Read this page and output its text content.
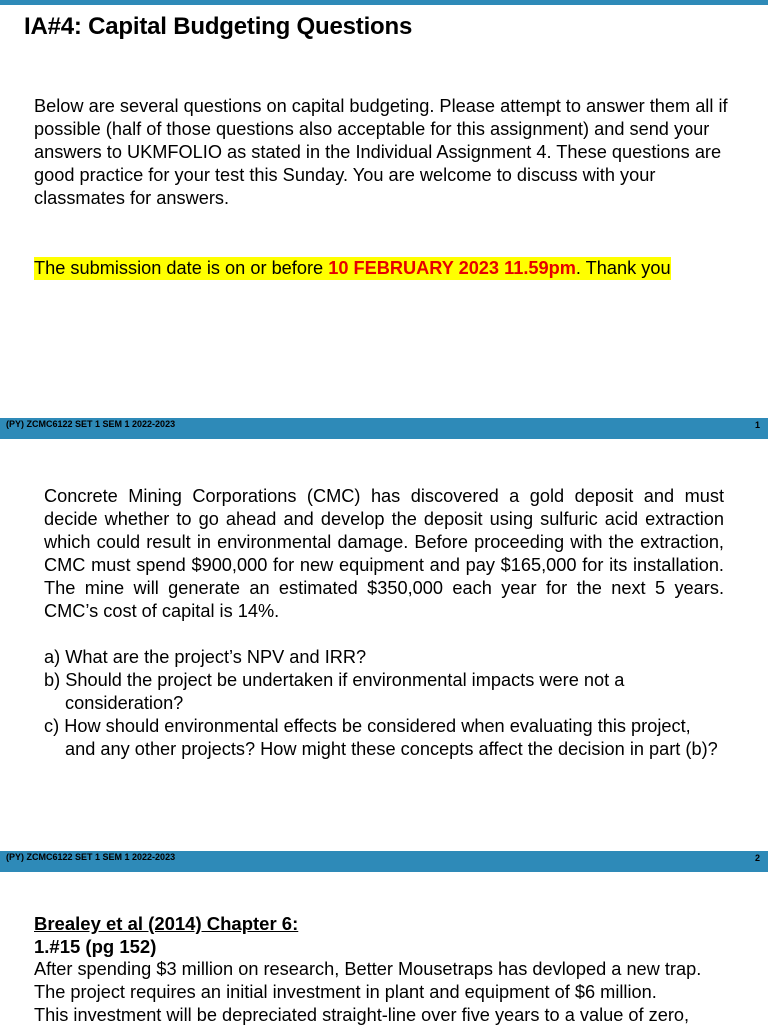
IA#4: Capital Budgeting Questions

Below are several questions on capital budgeting. Please attempt to answer them all if possible (half of those questions also acceptable for this assignment) and send your answers to UKMFOLIO as stated in the Individual Assignment 4. These questions are good practice for your test this Sunday. You are welcome to discuss with your classmates for answers.

The submission date is on or before 10 FEBRUARY 2023 11.59pm. Thank you
(PY) ZCMC6122 SET 1 SEM 1 2022-2023	1

Concrete Mining Corporations (CMC) has discovered a gold deposit and must decide whether to go ahead and develop the deposit using sulfuric acid extraction which could result in environmental damage. Before proceeding with the extraction, CMC must spend $900,000 for new equipment and pay $165,000 for its installation. The mine will generate an estimated $350,000 each year for the next 5 years. CMC’s cost of capital is 14%.

a) What are the project’s NPV and IRR?
b) Should the project be undertaken if environmental impacts were not a consideration?
c) How should environmental effects be considered when evaluating this project, and any other projects? How might these concepts affect the decision in part (b)?
(PY) ZCMC6122 SET 1 SEM 1 2022-2023	2

Brealey et al (2014) Chapter 6:

1.#15 (pg 152)

After spending $3 million on research, Better Mousetraps has devloped a new trap.
The project requires an initial investment in plant and equipment of $6 million.
This investment will be depreciated straight-line over five years to a value of zero,
